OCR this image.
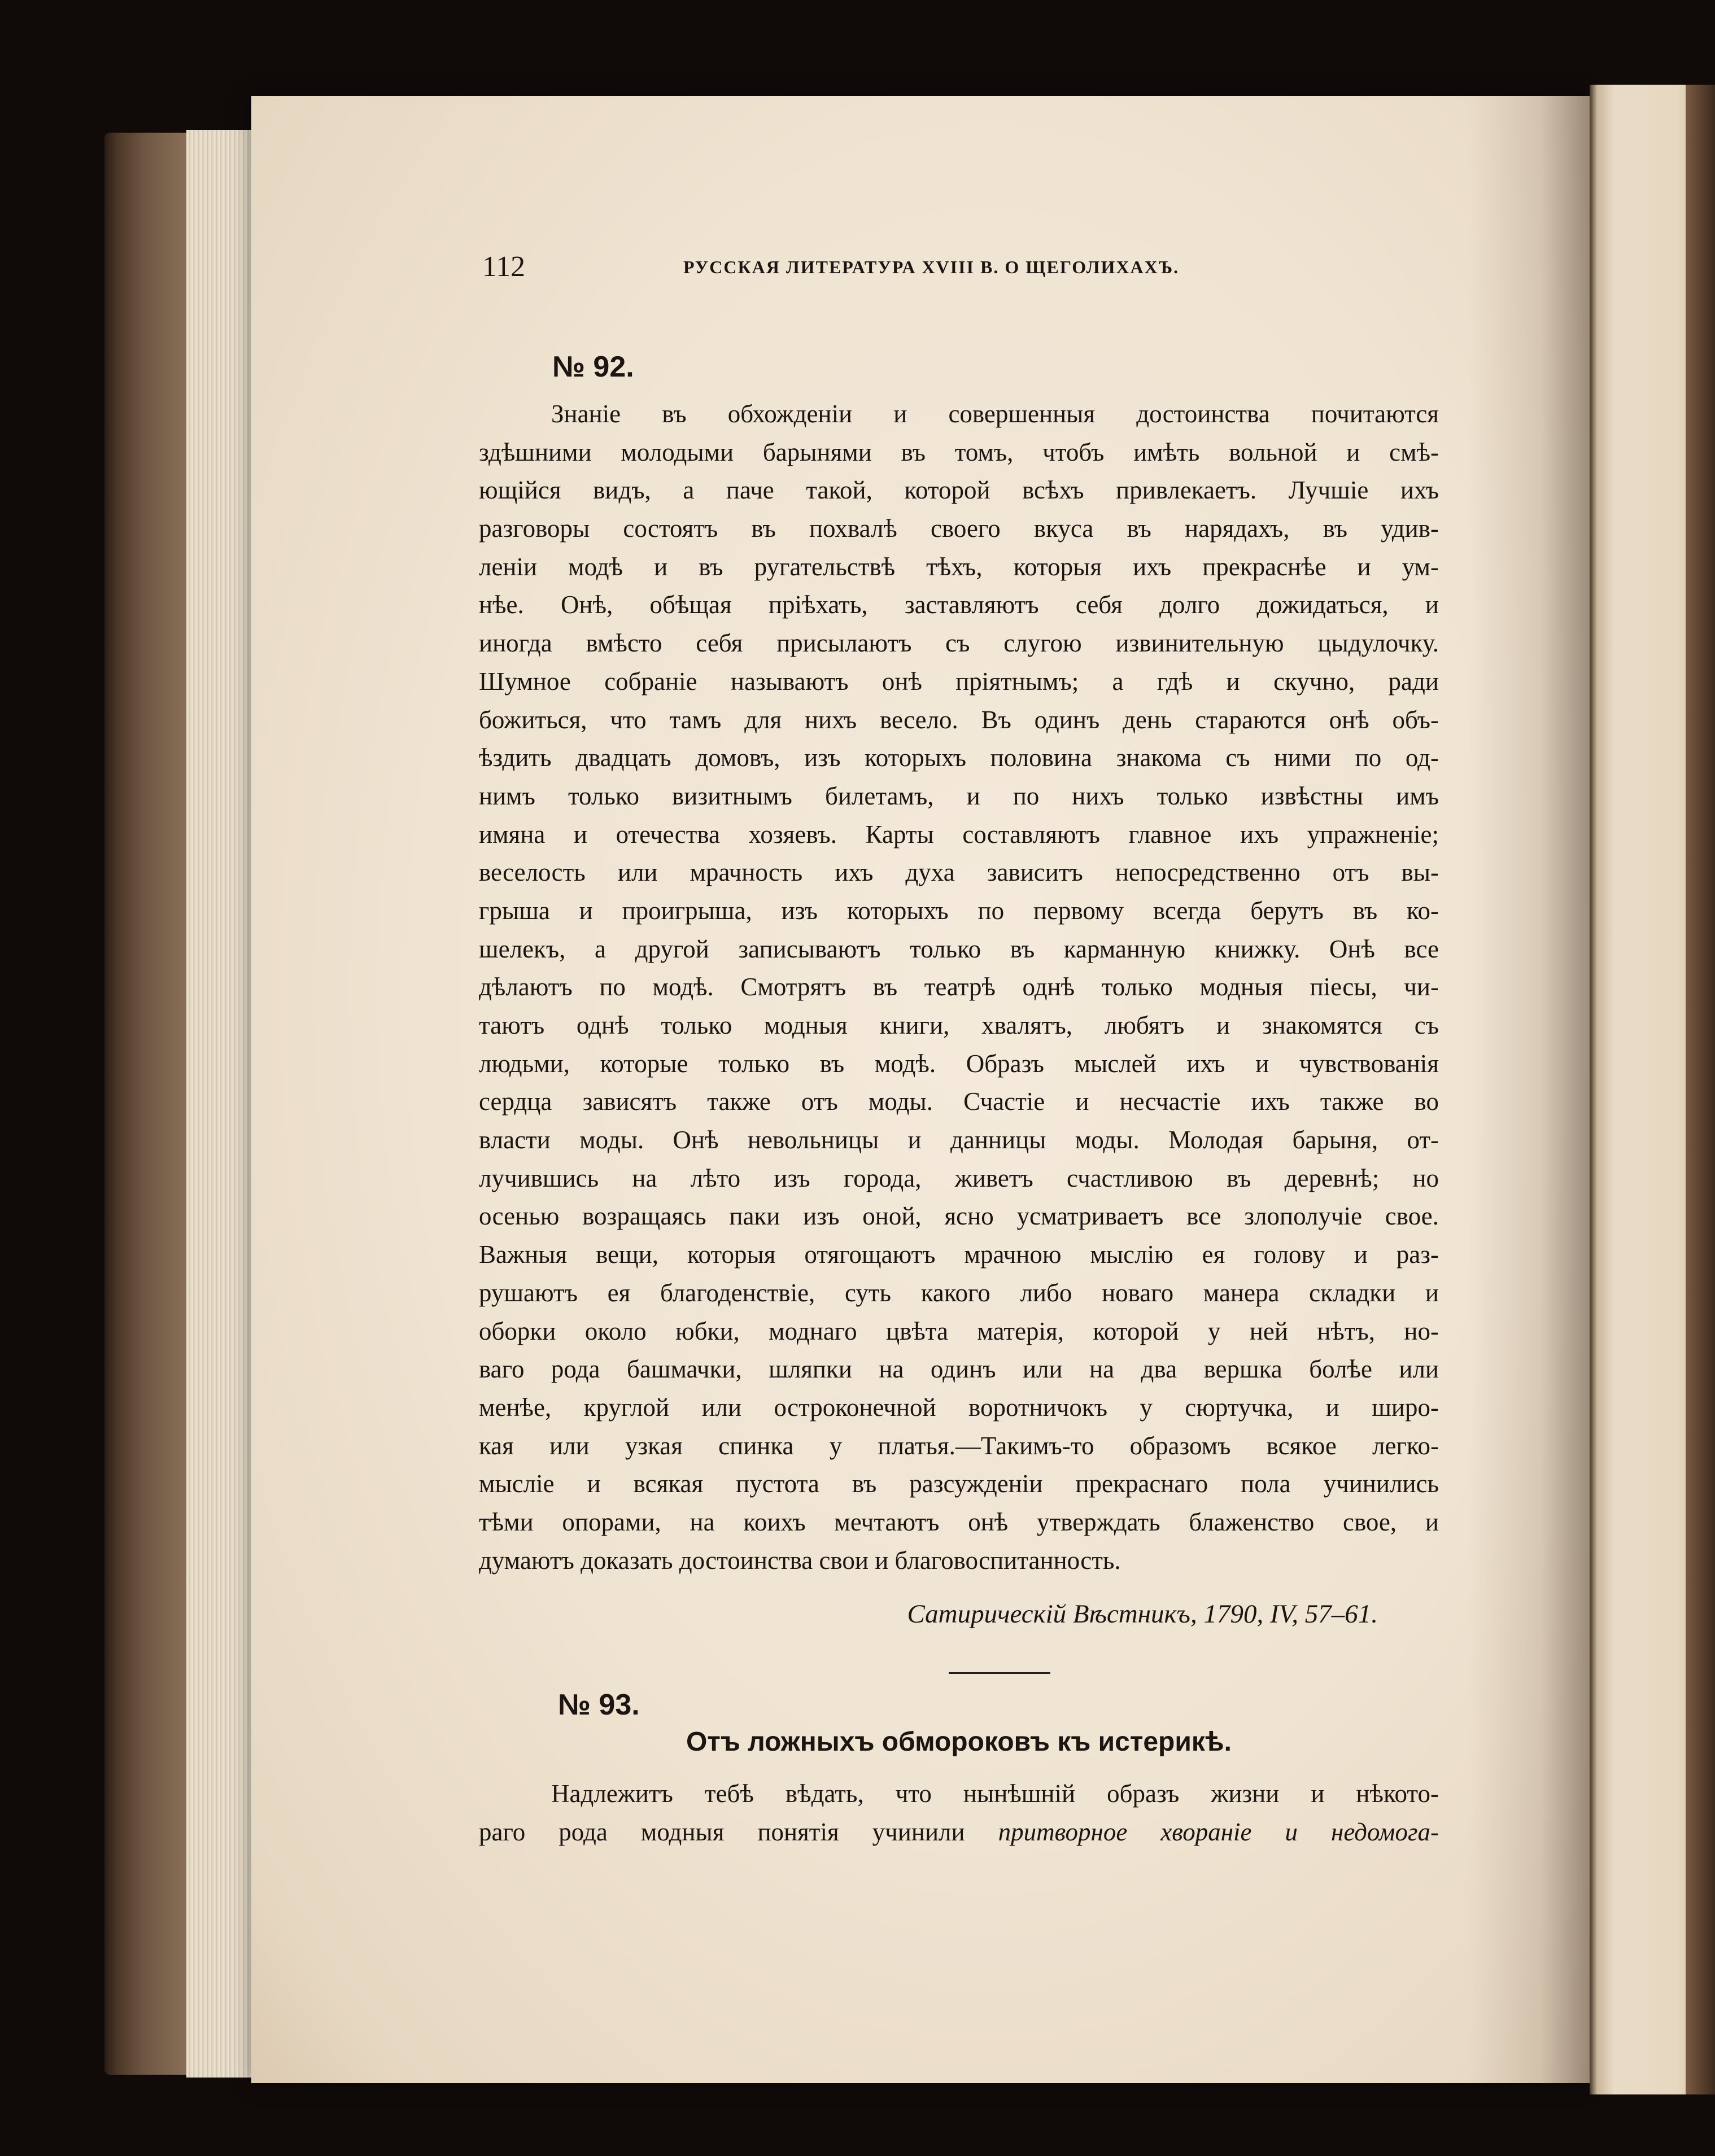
112	РУССКАЯ ЛИТЕРАТУРА XVIII В. О ЩЕГОЛИХАХЪ.
№ 92.
Знаніе въ обхожденіи и совершенныя достоинства почитаются
здѣшними молодыми барынями въ томъ, чтобъ имѣть вольной и смѣ-
ющійся видъ, а паче такой, которой всѣхъ привлекаетъ. Лучшіе ихъ
разговоры состоятъ въ похвалѣ своего вкуса въ нарядахъ, въ удив-
леніи модѣ и въ ругательствѣ тѣхъ, которыя ихъ прекраснѣе и ум-
нѣе. Онѣ, обѣщая пріѣхать, заставляютъ себя долго дожидаться, и
иногда вмѣсто себя присылаютъ съ слугою извинительную цыдулочку.
Шумное собраніе называютъ онѣ пріятнымъ; а гдѣ и скучно, ради
божиться, что тамъ для нихъ весело. Въ одинъ день стараются онѣ объ-
ѣздить двадцать домовъ, изъ которыхъ половина знакома съ ними по од-
нимъ только визитнымъ билетамъ, и по нихъ только извѣстны имъ
имяна и отечества хозяевъ. Карты составляютъ главное ихъ упражненіе;
веселость или мрачность ихъ духа зависитъ непосредственно отъ вы-
грыша и проигрыша, изъ которыхъ по первому всегда берутъ въ ко-
шелекъ, а другой записываютъ только въ карманную книжку. Онѣ все
дѣлаютъ по модѣ. Смотрятъ въ театрѣ однѣ только модныя піесы, чи-
таютъ однѣ только модныя книги, хвалятъ, любятъ и знакомятся съ
людьми, которые только въ модѣ. Образъ мыслей ихъ и чувствованія
сердца зависятъ также отъ моды. Счастіе и несчастіе ихъ также во
власти моды. Онѣ невольницы и данницы моды. Молодая барыня, от-
лучившись на лѣто изъ города, живетъ счастливою въ деревнѣ; но
осенью возращаясь паки изъ оной, ясно усматриваетъ все злополучіе свое.
Важныя вещи, которыя отягощаютъ мрачною мыслію ея голову и раз-
рушаютъ ея благоденствіе, суть какого либо новаго манера складки и
оборки около юбки, моднаго цвѣта матерія, которой у ней нѣтъ, но-
ваго рода башмачки, шляпки на одинъ или на два вершка болѣе или
менѣе, круглой или остроконечной воротничокъ у сюртучка, и широ-
кая или узкая спинка у платья.—Такимъ-то образомъ всякое легко-
мысліе и всякая пустота въ разсужденіи прекраснаго пола учинились
тѣми опорами, на коихъ мечтаютъ онѣ утверждать блаженство свое, и
думаютъ доказать достоинства свои и благовоспитанность.
Сатирическій Вѣстникъ, 1790, IV, 57–61.
№ 93.
Отъ ложныхъ обмороковъ къ истерикѣ.
Надлежитъ тебѣ вѣдать, что нынѣшній образъ жизни и нѣкото-
раго рода модныя понятія учинили притворное хвораніе и недомога-
